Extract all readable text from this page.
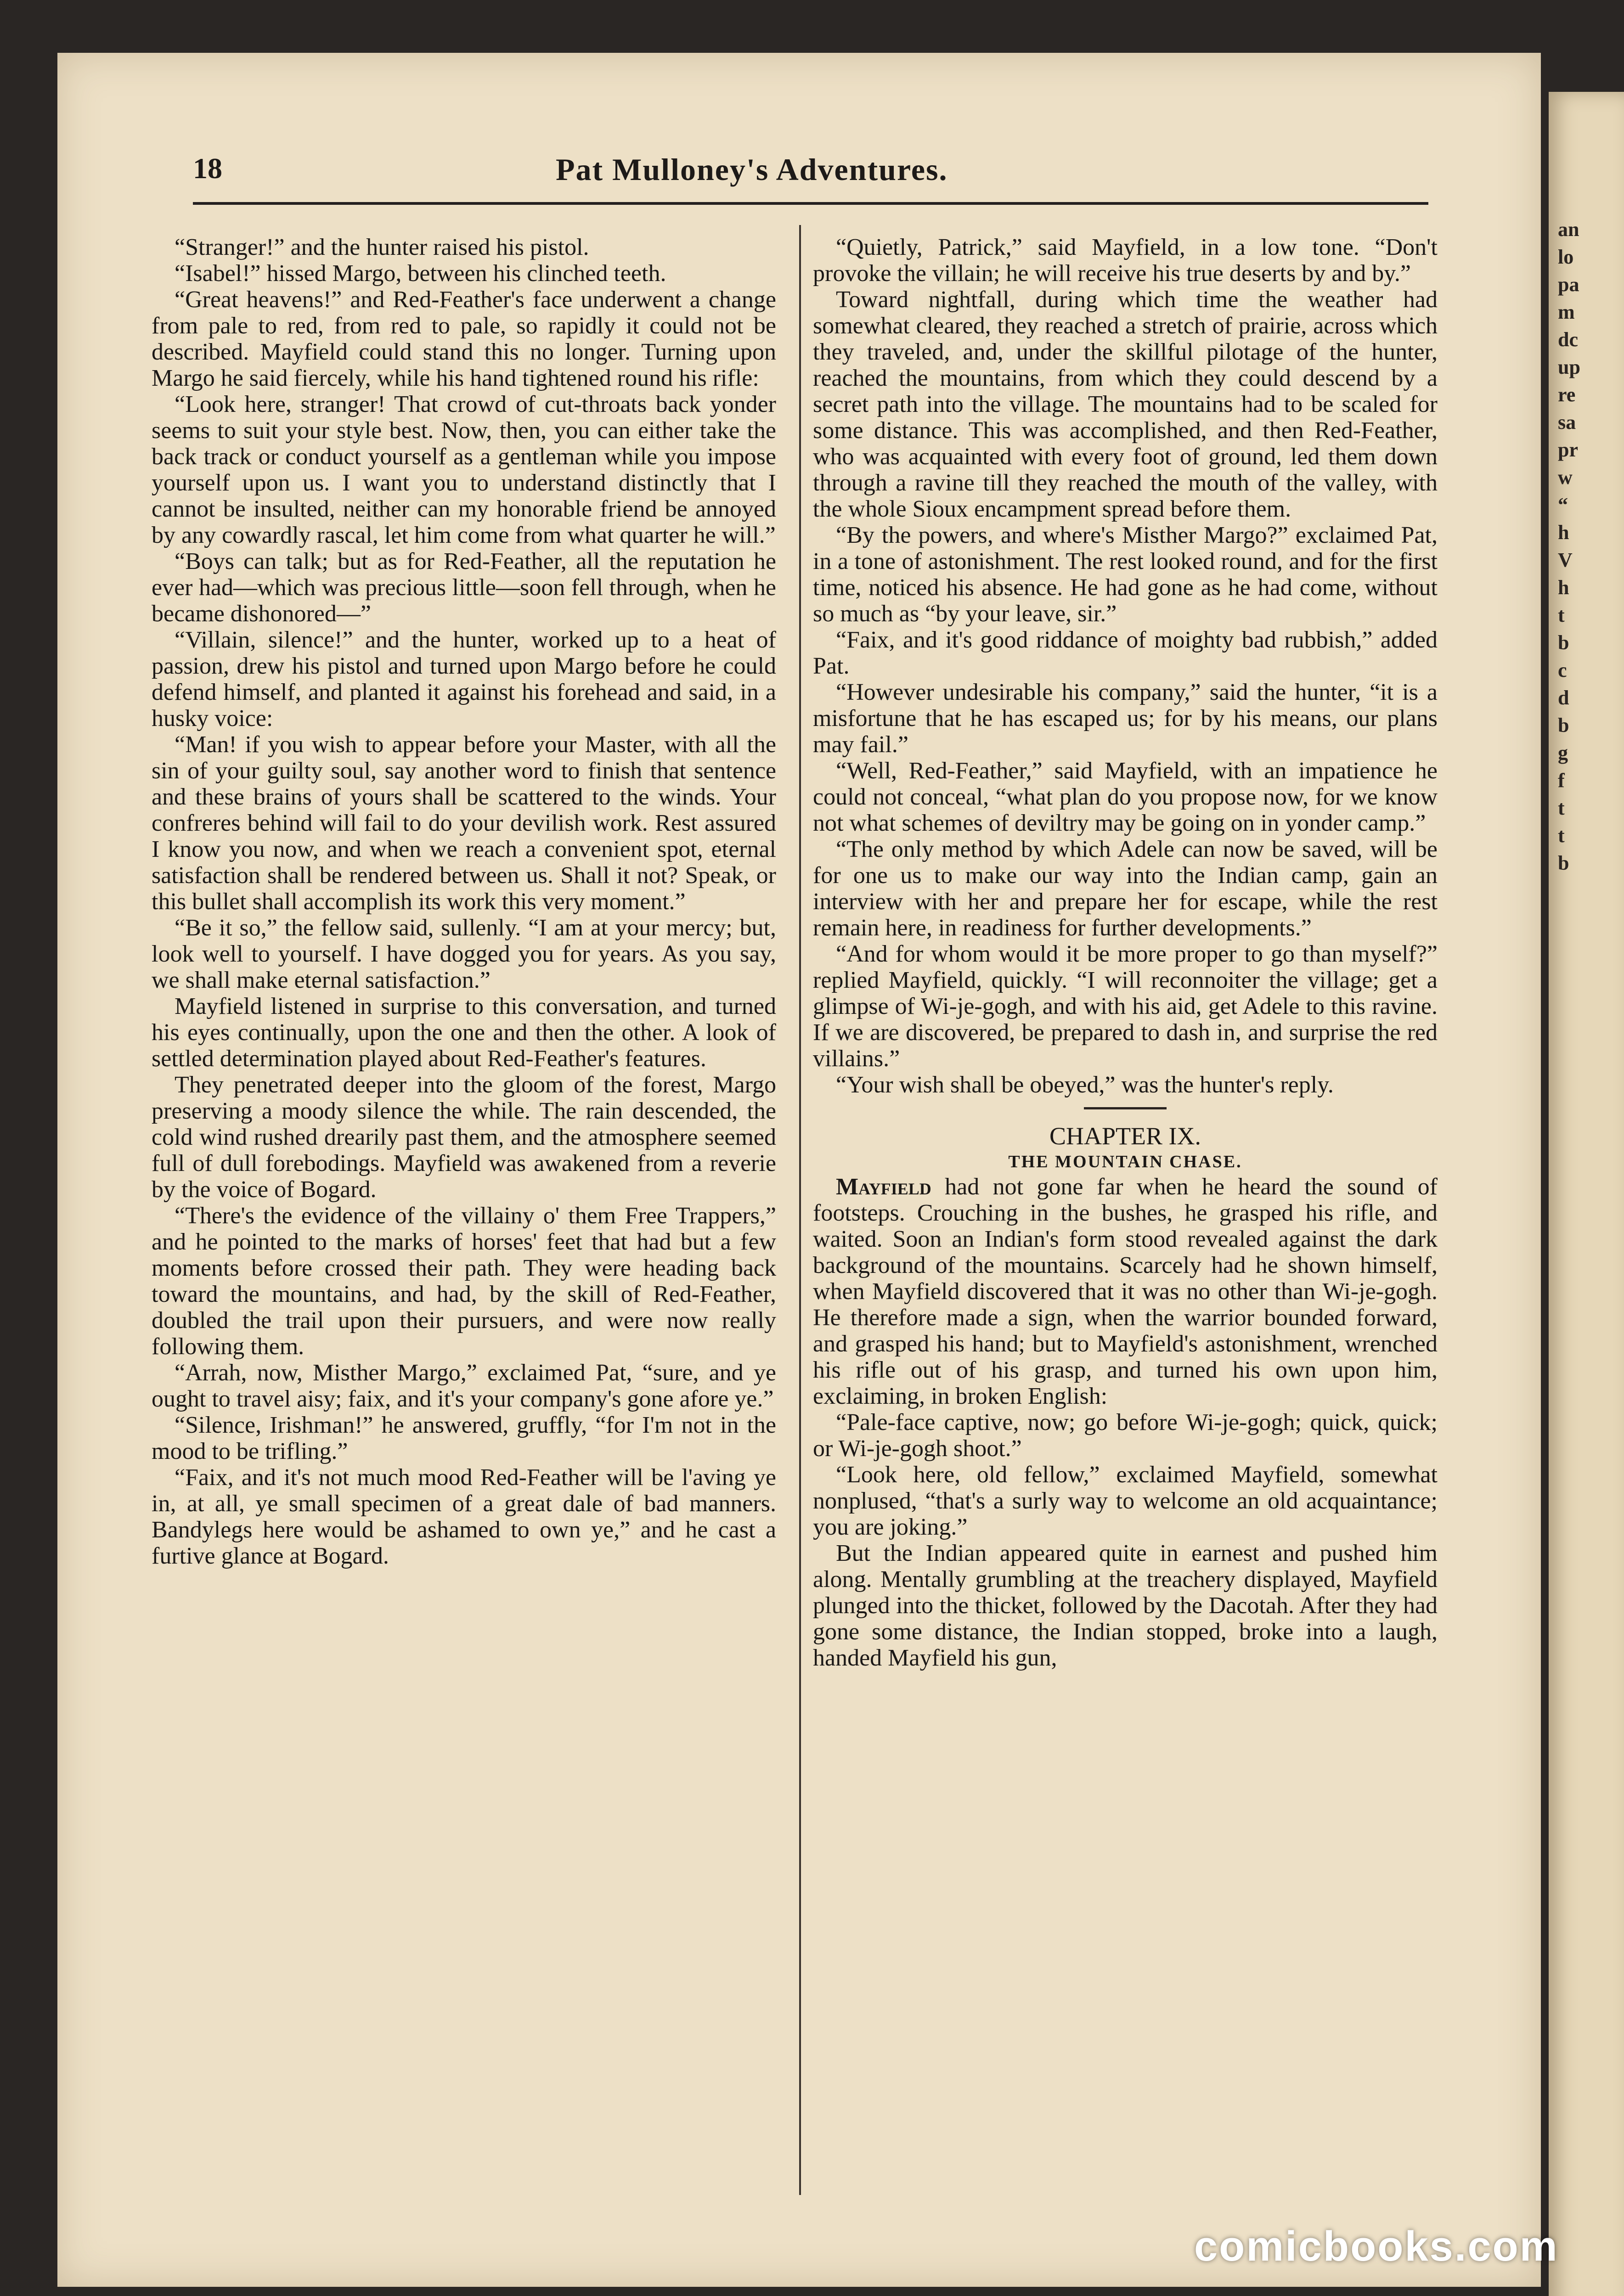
an
lo
pa
m
dc
up
re
sa
pr
w
“
h
V
h
t
b
c
d
b
g
f
t
t
b
18	Pat Mulloney's Adventures.

“Stranger!” and the hunter raised his pistol.

“Isabel!” hissed Margo, between his clinched teeth.

“Great heavens!” and Red-Feather's face underwent a change from pale to red, from red to pale, so rapidly it could not be described. Mayfield could stand this no longer. Turning upon Margo he said fiercely, while his hand tightened round his rifle:

“Look here, stranger! That crowd of cut-throats back yonder seems to suit your style best. Now, then, you can either take the back track or conduct yourself as a gentleman while you impose yourself upon us. I want you to understand distinctly that I cannot be insulted, neither can my honorable friend be annoyed by any cowardly rascal, let him come from what quarter he will.”

“Boys can talk; but as for Red-Feather, all the reputation he ever had—which was precious little—soon fell through, when he became dishonored—”

“Villain, silence!” and the hunter, worked up to a heat of passion, drew his pistol and turned upon Margo before he could defend himself, and planted it against his forehead and said, in a husky voice:

“Man! if you wish to appear before your Master, with all the sin of your guilty soul, say another word to finish that sentence and these brains of yours shall be scattered to the winds. Your confreres behind will fail to do your devilish work. Rest assured I know you now, and when we reach a convenient spot, eternal satisfaction shall be rendered between us. Shall it not? Speak, or this bullet shall accomplish its work this very moment.”

“Be it so,” the fellow said, sullenly. “I am at your mercy; but, look well to yourself. I have dogged you for years. As you say, we shall make eternal satisfaction.”

Mayfield listened in surprise to this conversation, and turned his eyes continually, upon the one and then the other. A look of settled determination played about Red-Feather's features.

They penetrated deeper into the gloom of the forest, Margo preserving a moody silence the while. The rain descended, the cold wind rushed drearily past them, and the atmosphere seemed full of dull forebodings. Mayfield was awakened from a reverie by the voice of Bogard.

“There's the evidence of the villainy o' them Free Trappers,” and he pointed to the marks of horses' feet that had but a few moments before crossed their path. They were heading back toward the mountains, and had, by the skill of Red-Feather, doubled the trail upon their pursuers, and were now really following them.

“Arrah, now, Misther Margo,” exclaimed Pat, “sure, and ye ought to travel aisy; faix, and it's your company's gone afore ye.”

“Silence, Irishman!” he answered, gruffly, “for I'm not in the mood to be trifling.”

“Faix, and it's not much mood Red-Feather will be l'aving ye in, at all, ye small specimen of a great dale of bad manners. Bandylegs here would be ashamed to own ye,” and he cast a furtive glance at Bogard.

“Quietly, Patrick,” said Mayfield, in a low tone. “Don't provoke the villain; he will receive his true deserts by and by.”

Toward nightfall, during which time the weather had somewhat cleared, they reached a stretch of prairie, across which they traveled, and, under the skillful pilotage of the hunter, reached the mountains, from which they could descend by a secret path into the village. The mountains had to be scaled for some distance. This was accomplished, and then Red-Feather, who was acquainted with every foot of ground, led them down through a ravine till they reached the mouth of the valley, with the whole Sioux encampment spread before them.

“By the powers, and where's Misther Margo?” exclaimed Pat, in a tone of astonishment. The rest looked round, and for the first time, noticed his absence. He had gone as he had come, without so much as “by your leave, sir.”

“Faix, and it's good riddance of moighty bad rubbish,” added Pat.

“However undesirable his company,” said the hunter, “it is a misfortune that he has escaped us; for by his means, our plans may fail.”

“Well, Red-Feather,” said Mayfield, with an impatience he could not conceal, “what plan do you propose now, for we know not what schemes of deviltry may be going on in yonder camp.”

“The only method by which Adele can now be saved, will be for one us to make our way into the Indian camp, gain an interview with her and prepare her for escape, while the rest remain here, in readiness for further developments.”

“And for whom would it be more proper to go than myself?” replied Mayfield, quickly. “I will reconnoiter the village; get a glimpse of Wi-je-gogh, and with his aid, get Adele to this ravine. If we are discovered, be prepared to dash in, and surprise the red villains.”

“Your wish shall be obeyed,” was the hunter's reply.

CHAPTER IX.

THE MOUNTAIN CHASE.

Mayfield had not gone far when he heard the sound of footsteps. Crouching in the bushes, he grasped his rifle, and waited. Soon an Indian's form stood revealed against the dark background of the mountains. Scarcely had he shown himself, when Mayfield discovered that it was no other than Wi-je-gogh. He therefore made a sign, when the warrior bounded forward, and grasped his hand; but to Mayfield's astonishment, wrenched his rifle out of his grasp, and turned his own upon him, exclaiming, in broken English:

“Pale-face captive, now; go before Wi-je-gogh; quick, quick; or Wi-je-gogh shoot.”

“Look here, old fellow,” exclaimed Mayfield, somewhat nonplused, “that's a surly way to welcome an old acquaintance; you are joking.”

But the Indian appeared quite in earnest and pushed him along. Mentally grumbling at the treachery displayed, Mayfield plunged into the thicket, followed by the Dacotah. After they had gone some distance, the Indian stopped, broke into a laugh, handed Mayfield his gun,

comicbooks.com
